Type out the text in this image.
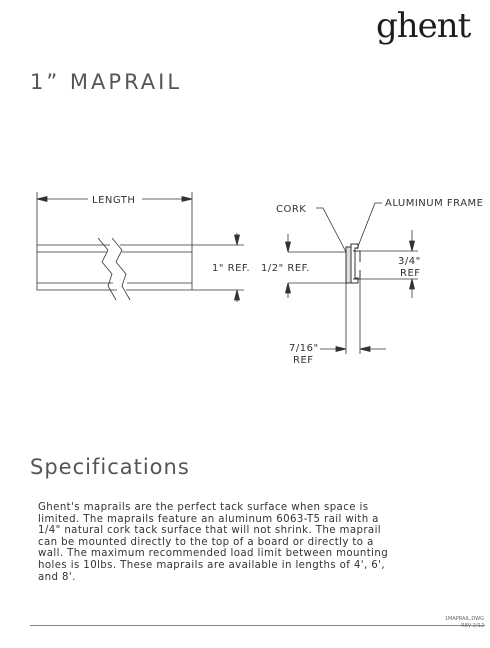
ghent
1” MAPRAIL
LENGTH
1" REF. 1/2" REF.
CORK
ALUMINUM FRAME
3/4"
REF
7/16"
REF
Specifications
Ghent's maprails are the perfect tack surface when space is
limited. The maprails feature an aluminum 6063-T5 rail with a
1/4" natural cork tack surface that will not shrink. The maprail
can be mounted directly to the top of a board or directly to a
wall. The maximum recommended load limit between mounting
holes is 10lbs. These maprails are available in lengths of 4', 6',
and 8'.
1MAPRAIL.DWG
REV 2/12
